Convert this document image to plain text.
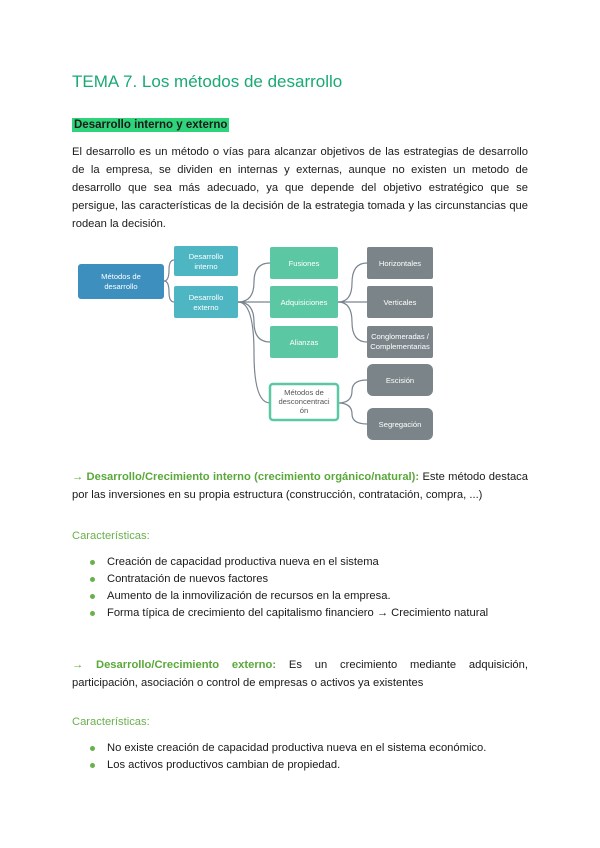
TEMA 7. Los métodos de desarrollo
Desarrollo interno y externo

El desarrollo es un método o vías para alcanzar objetivos de las estrategias de desarrollo de la empresa, se dividen en internas y externas, aunque no existen un metodo de desarrollo que sea más adecuado, ya que depende del objetivo estratégico que se persigue, las características de la decisión de la estrategia tomada y las circunstancias que rodean la decisión.

Métodos de desarrollo
Desarrollo interno
Desarrollo externo
Fusiones
Adquisiciones
Alianzas
Métodos de desconcentraci ón
Horizontales
Verticales
Conglomeradas / Complementarias
Escisión
Segregación

→ Desarrollo/Crecimiento interno (crecimiento orgánico/natural): Este método destaca por las inversiones en su propia estructura (construcción, contratación, compra, ...)

Características:
Creación de capacidad productiva nueva en el sistema
Contratación de nuevos factores
Aumento de la inmovilización de recursos en la empresa.
Forma típica de crecimiento del capitalismo financiero → Crecimiento natural

→ Desarrollo/Crecimiento externo: Es un crecimiento mediante adquisición, participación, asociación o control de empresas o activos ya existentes

Características:
No existe creación de capacidad productiva nueva en el sistema económico.
Los activos productivos cambian de propiedad.
